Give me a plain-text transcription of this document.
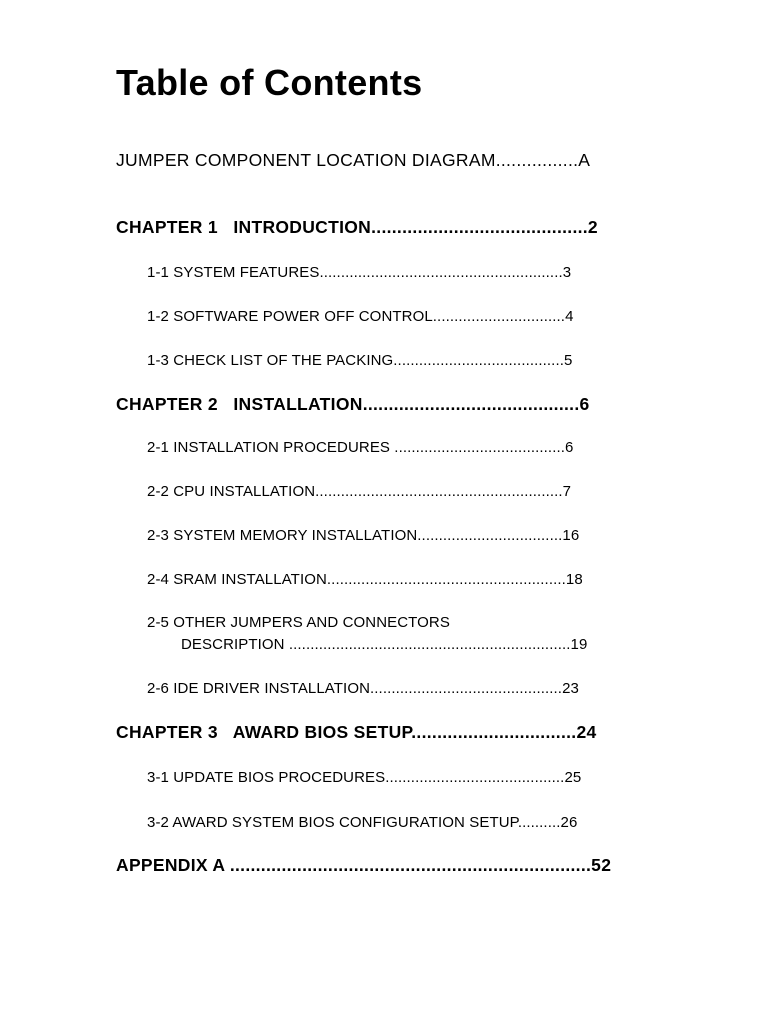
Table of Contents
JUMPER COMPONENT LOCATION DIAGRAM................A
CHAPTER 1   INTRODUCTION..........................................2
1-1 SYSTEM FEATURES.........................................................3
1-2 SOFTWARE POWER OFF CONTROL...............................4
1-3 CHECK LIST OF THE PACKING........................................5
CHAPTER 2   INSTALLATION..........................................6
2-1 INSTALLATION PROCEDURES ........................................6
2-2 CPU INSTALLATION..........................................................7
2-3 SYSTEM MEMORY INSTALLATION..................................16
2-4 SRAM INSTALLATION........................................................18
2-5 OTHER JUMPERS AND CONNECTORS
DESCRIPTION ..................................................................19
2-6 IDE DRIVER INSTALLATION.............................................23
CHAPTER 3   AWARD BIOS SETUP................................24
3-1 UPDATE BIOS PROCEDURES..........................................25
3-2 AWARD SYSTEM BIOS CONFIGURATION SETUP..........26
APPENDIX A ......................................................................52
